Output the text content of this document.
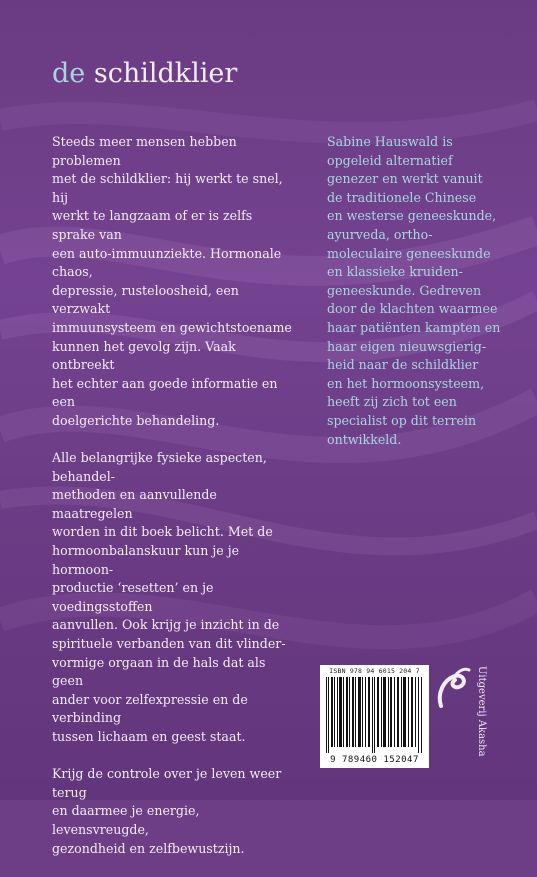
de schildklier

Steeds meer mensen hebben problemen
met de schildklier: hij werkt te snel, hij
werkt te langzaam of er is zelfs sprake van
een auto-immuunziekte. Hormonale chaos,
depressie, rusteloosheid, een verzwakt
immuunsysteem en gewichtstoename
kunnen het gevolg zijn. Vaak ontbreekt
het echter aan goede informatie en een
doelgerichte behandeling.

Alle belangrijke fysieke aspecten, behandel-
methoden en aanvullende maatregelen
worden in dit boek belicht. Met de
hormoonbalanskuur kun je je hormoon-
productie ‘resetten’ en je voedingsstoffen
aanvullen. Ook krijg je inzicht in de
spirituele verbanden van dit vlinder-
vormige orgaan in de hals dat als geen
ander voor zelfexpressie en de verbinding
tussen lichaam en geest staat.

Krijg de controle over je leven weer terug
en daarmee je energie, levensvreugde,
gezondheid en zelfbewustzijn.

Sabine Hauswald is
opgeleid alternatief
genezer en werkt vanuit
de traditionele Chinese
en westerse geneeskunde,
ayurveda, ortho-
moleculaire geneeskunde
en klassieke kruiden-
geneeskunde. Gedreven
door de klachten waarmee
haar patiënten kampten en
haar eigen nieuwsgierig-
heid naar de schildklier
en het hormoonsysteem,
heeft zij zich tot een
specialist op dit terrein
ontwikkeld.

ISBN 978 94 6015 204 7
9 789460 152047
Uitgeverij Akasha
